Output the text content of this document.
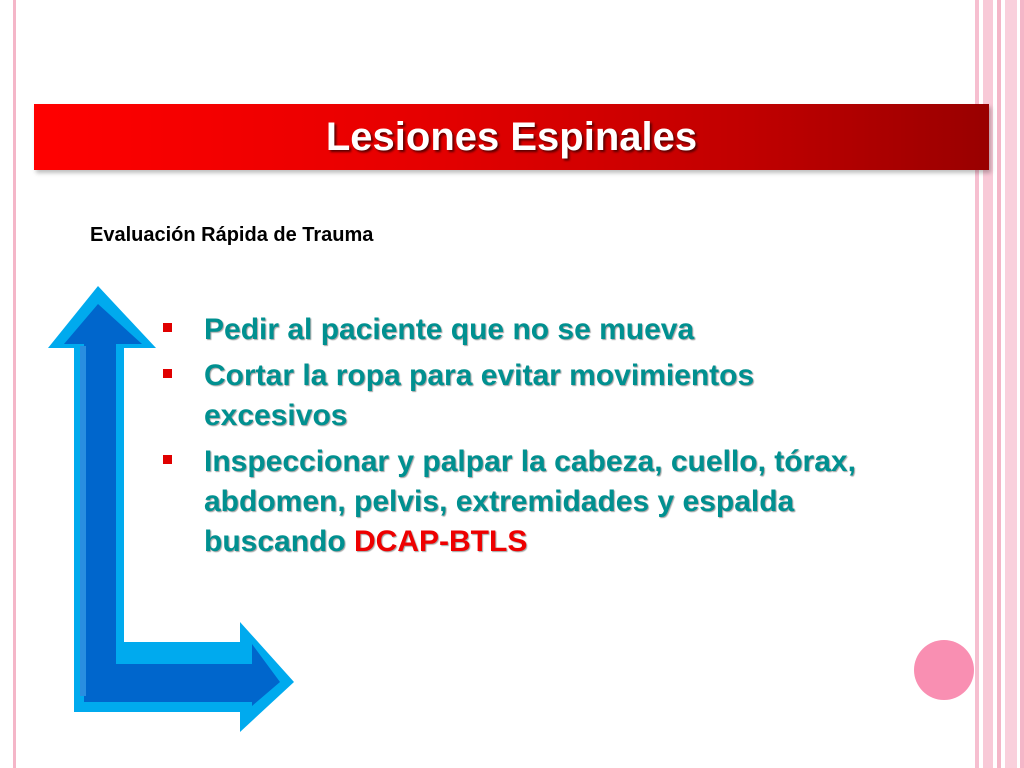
Lesiones Espinales
Evaluación Rápida de Trauma
Pedir al paciente que no se mueva
Cortar la ropa para evitar movimientos excesivos
Inspeccionar y palpar la cabeza, cuello, tórax, abdomen, pelvis, extremidades y espalda buscando DCAP-BTLS
